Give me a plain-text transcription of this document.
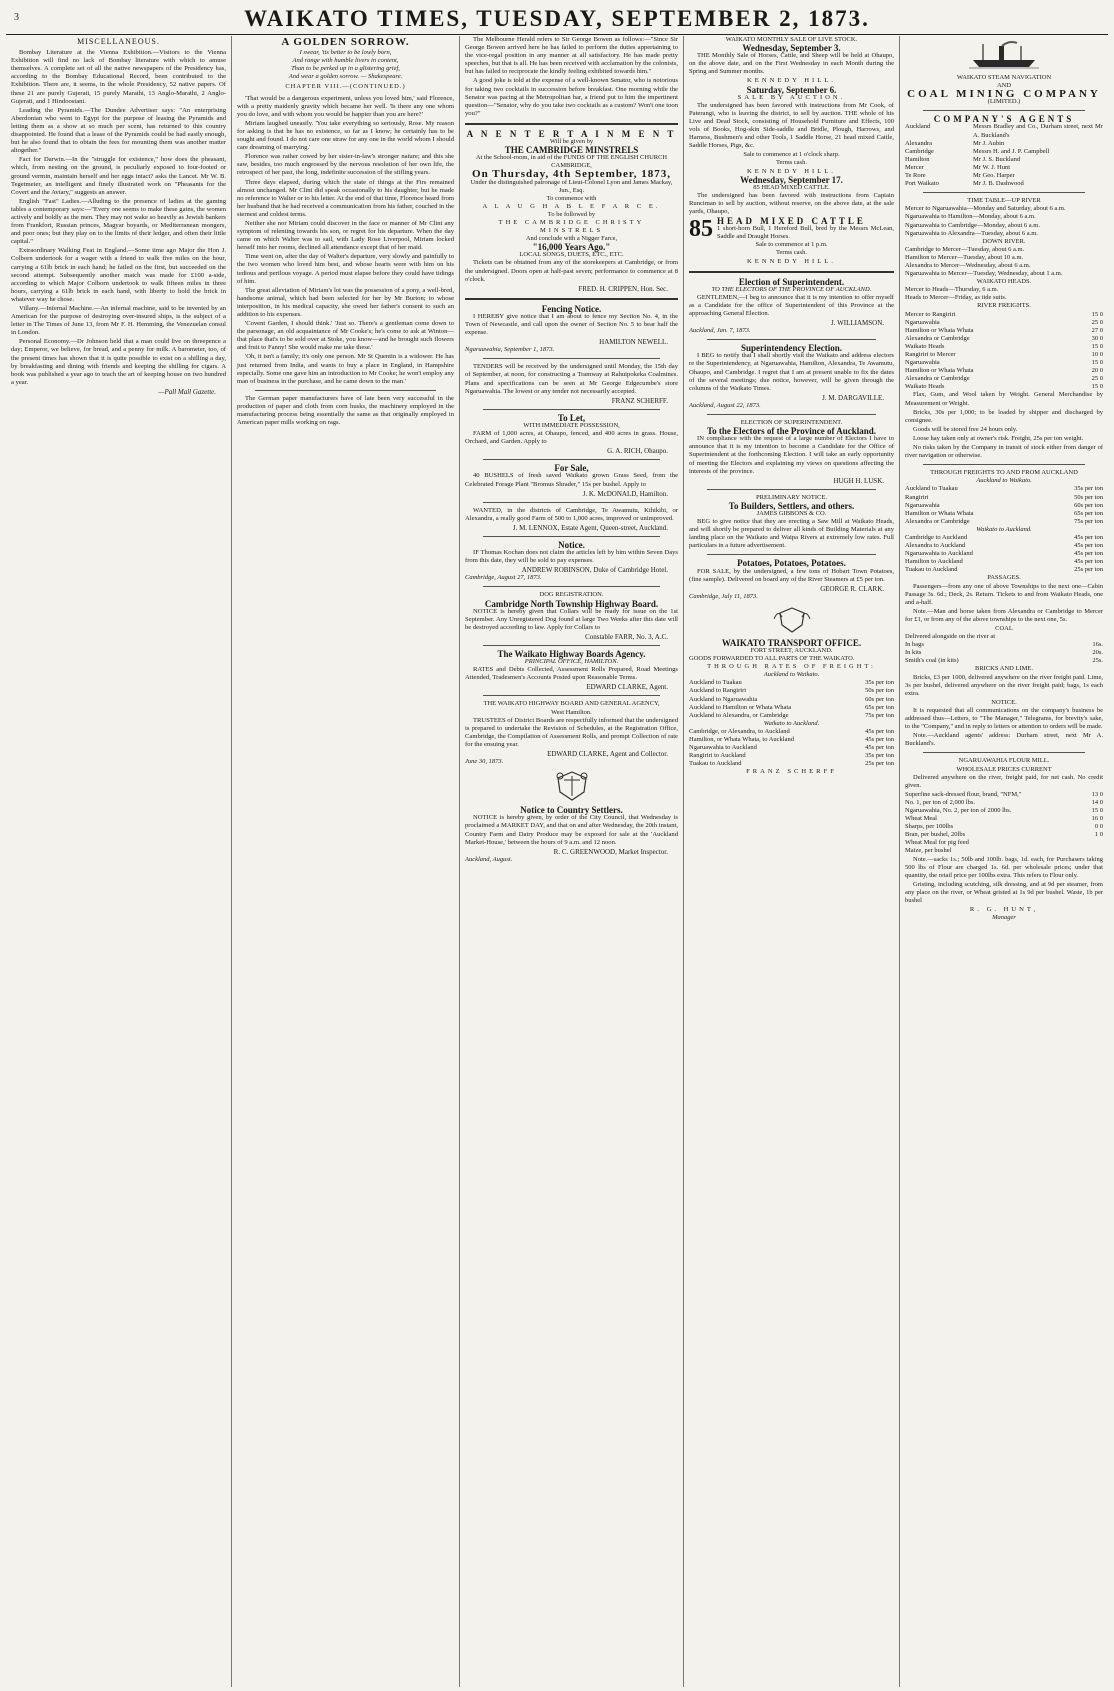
3	WAIKATO TIMES, TUESDAY, SEPTEMBER 2, 1873.
MISCELLANEOUS.

Bombay Literature at the Vienna Exhibition.—Visitors to the Vienna Exhibition will find no lack of Bombay literature with which to amuse themselves. A complete set of all the native newspapers of the Presidency has, according to the Bombay Educational Record, been contributed to the Exhibition. There are, it seems, in the whole Presidency, 52 native papers. Of these 21 are purely Gujerati, 15 purely Marathi, 13 Anglo-Marathi, 2 Anglo-Gujerati, and 1 Hindoostani.

Leading the Pyramids.—The Dundee Advertiser says: "An enterprising Aberdonian who went to Egypt for the purpose of leasing the Pyramids and letting them as a show at so much per scent, has returned to this country disappointed. He found that a lease of the Pyramids could be had easily enough, but he also found that to obtain the fees for mounting them was another matter altogether."

Fact for Darwin.—In the "struggle for existence," how does the pheasant, which, from nesting on the ground, is peculiarly exposed to four-footed or ground vermin, maintain herself and her eggs intact? asks the Lancet. Mr W. B. Tegetmeier, an intelligent and finely illustrated work on "Pheasants for the Covert and the Aviary," suggests an answer.

English "Fast" Ladies.—Alluding to the presence of ladies at the gaming tables a contemporary says:—"Every one seems to make these gains, the women actively and boldly as the men. They may not wake so heavily as Jewish bankers from Frankfort, Russian princes, Magyar boyards, or Mediterranean mongers, and poor ones; but they play on to the limits of their ledger, and often their little capital."

Extraordinary Walking Feat in England.—Some time ago Major the Hon J. Colborn undertook for a wager with a friend to walk five miles on the hour, carrying a 61lb brick in each hand; he failed on the first, but succeeded on the second attempt. Subsequently another match was made for £100 a-side, according to which Major Colborn undertook to walk fifteen miles in three hours, carrying a 61lb brick in each hand, with liberty to hold the brick in whatever way he chose.

Villany.—Infernal Machine.—An infernal machine, said to be invented by an American for the purpose of destroying over-insured ships, is the subject of a letter in The Times of June 13, from Mr F. H. Hemming, the Venezuelan consul in London.

Personal Economy.—Dr Johnson held that a man could live on threepence a day; Emperor, we believe, for bread, and a penny for milk. A barometer, too, of the present times has shown that it is quite possible to exist on a shilling a day, by breakfasting and dining with friends and keeping the shilling for cigars. A book was published a year ago to teach the art of keeping house on two hundred a year.

—Pall Mall Gazette.
A GOLDEN SORROW.
I swear, 'tis better to be lowly born,
And range with humble livers in content,
Than to be perked up in a glistering grief,
And wear a golden sorrow. — Shakespeare.
CHAPTER VIII.—(CONTINUED.)

'That would be a dangerous experiment, unless you loved him,' said Florence, with a pretty maidenly gravity which became her well. 'Is there any one whom you do love, and with whom you would be happier than you are here?'

Miriam laughed uneasily. 'You take everything so seriously, Rose. My reason for asking is that he has no existence, so far as I know; he certainly has to be sought and found. I do not care one straw for any one in the world whom I should care dreaming of marrying.'

Florence was rather cowed by her sister-in-law's stronger nature; and this she saw, besides, too much engrossed by the nervous resolution of her own life, the retrospect of her past, the long, indefinite succession of the stifling years.

Three days elapsed, during which the state of things at the Firs remained almost unchanged. Mr Clint did speak occasionally to his daughter, but he made no reference to Walter or to his letter. At the end of that time, Florence heard from her husband that he had received a communication from his father, couched in the sternest and coldest terms.

Neither she nor Miriam could discover in the face or manner of Mr Clint any symptom of relenting towards his son, or regret for his departure. When the day came on which Walter was to sail, with Lady Rose Liverpool, Miriam locked herself into her rooms, declined all attendance except that of her maid.

Time went on, after the day of Walter's departure, very slowly and painfully to the two women who loved him best, and whose hearts were with him on his tedious and perilous voyage. A period must elapse before they could have tidings of him.

The great alleviation of Miriam's lot was the possession of a pony, a well-bred, handsome animal, which had been selected for her by Mr Burton; to whose interposition, in his medical capacity, she owed her father's consent to such an addition to his expenses.

'Covent Garden, I should think.' 'Just so. There's a gentleman come down to the parsonage, an old acquaintance of Mr Cooke's; he's come to ask at Winton—that place that's to be sold over at Stoke, you know—and he brought such flowers and fruit to Fanny! She would make me take these.'

'Oh, it isn't a family; it's only one person. Mr St Quentin is a widower. He has just returned from India, and wants to buy a place in England, in Hampshire especially. Some one gave him an introduction to Mr Cooke; he won't employ any man of business in the purchase, and he came down to the man.'

The German paper manufacturers have of late been very successful in the production of paper and cloth from corn husks, the machinery employed in the manufacturing process being essentially the same as that originally employed in American paper mills working on rags.

The Melbourne Herald refers to Sir George Bowen as follows:—"Since Sir George Bowen arrived here he has failed to perform the duties appertaining to the vice-regal position in any manner at all satisfactory. He has made pretty speeches, but that is all. He has been received with acclamation by the colonists, but has failed to reciprocate the kindly feeling exhibited towards him."

A good joke is told at the expense of a well-known Senator, who is notorious for taking two cocktails in succession before breakfast. One morning while the Senator was pacing at the Metropolitan bar, a friend put to him the impertinent question—"Senator, why do you take two cocktails as a custom? Won't one toon you?"

A N E N T E R T A I N M E N T
Will be given by
THE CAMBRIDGE MINSTRELS
At the School-room, in aid of the FUNDS OF THE ENGLISH CHURCH CAMBRIDGE,
On Thursday, 4th September, 1873,
Under the distinguished patronage of Lieut-Colonel Lyon and James Mackay, Jun., Esq.
To commence with
A L A U G H A B L E F A R C E.
To be followed by
THE CAMBRIDGE CHRISTY MINSTRELS
And conclude with a Nigger Farce,
"16,000 Years Ago."
LOCAL SONGS, DUETS, ETC., ETC.

Tickets can be obtained from any of the storekeepers at Cambridge, or from the undersigned. Doors open at half-past seven; performance to commence at 8 o'clock.

FRED. H. CRIPPEN, Hon. Sec.
Fencing Notice.

I HEREBY give notice that I am about to fence my Section No. 4, in the Town of Newcastle, and call upon the owner of Section No. 5 to bear half the expense.

HAMILTON NEWELL.
Ngaruawahia, September 1, 1873.

TENDERS will be received by the undersigned until Monday, the 15th day of September, at noon, for constructing a Tramway at Rahuipokeka Coalmines. Plans and specifications can be seen at Mr George Edgecumbe's store Ngaruawahia. The lowest or any tender not necessarily accepted.

FRANZ SCHERFF.
To Let,
WITH IMMEDIATE POSSESSION,

FARM of 1,000 acres, at Ohaupo, fenced, and 400 acres in grass. House, Orchard, and Garden. Apply to

G. A. RICH, Ohaupo.
For Sale,

40 BUSHELS of fresh saved Waikato grown Grass Seed, from the Celebrated Forage Plant "Bromus Shrader," 15s per bushel. Apply to

J. K. McDONALD, Hamilton.

WANTED, in the districts of Cambridge, Te Awamutu, Kihikihi, or Alexandra, a really good Farm of 500 to 1,000 acres, improved or unimproved.

J. M. LENNOX, Estate Agent, Queen-street, Auckland.
Notice.

IF Thomas Kochan does not claim the articles left by him within Seven Days from this date, they will be sold to pay expenses.

ANDREW ROBINSON, Duke of Cambridge Hotel.
Cambridge, August 27, 1873.
DOG REGISTRATION.
Cambridge North Township Highway Board.

NOTICE is hereby given that Collars will be ready for issue on the 1st September. Any Unregistered Dog found at large Two Weeks after this date will be destroyed according to law. Apply for Collars to

Constable FARR, No. 3, A.C.
The Waikato Highway Boards Agency.
PRINCIPAL OFFICE, HAMILTON.

RATES and Debts Collected, Assessment Rolls Prepared, Road Meetings Attended, Tradesmen's Accounts Posted upon Reasonable Terms.

EDWARD CLARKE, Agent.
THE WAIKATO HIGHWAY BOARD AND GENERAL AGENCY,
West Hamilton.

TRUSTEES of District Boards are respectfully informed that the undersigned is prepared to undertake the Revision of Schedules, at the Registration Office, Cambridge, the Compilation of Assessment Rolls, and prompt Collection of rate for the ensuing year.

EDWARD CLARKE, Agent and Collector.
June 30, 1873.
Notice to Country Settlers.

NOTICE is hereby given, by order of the City Council, that Wednesday is proclaimed a MARKET DAY, and that on and after Wednesday, the 20th instant, Country Farm and Dairy Produce may be exposed for sale at the 'Auckland Market-House,' between the hours of 9 a.m. and 12 noon.

R. C. GREENWOOD, Market Inspector.
Auckland, August.
WAIKATO MONTHLY SALE OF LIVE STOCK.
Wednesday, September 3.

THE Monthly Sale of Horses, Cattle, and Sheep will be held at Ohaupo, on the above date, and on the First Wednesday in each Month during the Spring and Summer months.

KENNEDY HILL.
Saturday, September 6.
SALE BY AUCTION.

The undersigned has been favored with instructions from Mr Cook, of Paterangi, who is leaving the district, to sell by auction. THE whole of his Live and Dead Stock, consisting of Household Furniture and Effects, 100 vols of Books, Hog-skin Side-saddle and Bridle, Plough, Harrows, and Harness, Bushmen's and other Tools, 1 Saddle Horse, 21 head mixed Cattle, Saddle Horses, Pigs, &c.

Sale to commence at 1 o'clock sharp.
Terms cash.
KENNEDY HILL.
Wednesday, September 17.
85 HEAD MIXED CATTLE.

The undersigned has been favored with instructions from Captain Runciman to sell by auction, without reserve, on the above date, at the sale yards, Ohaupo,

85 HEAD MIXED CATTLE
1 short-horn Bull, 1 Hereford Bull, bred by the Messrs McLean, Saddle and Draught Horses.
Sale to commence at 1 p.m.
Terms cash.
KENNEDY HILL.
Election of Superintendent.
TO THE ELECTORS OF THE PROVINCE OF AUCKLAND.

GENTLEMEN,—I beg to announce that it is my intention to offer myself as a Candidate for the office of Superintendent of this Province at the approaching General Election.

J. WILLIAMSON.
Auckland, Jan. 7, 1873.
Superintendency Election.

I BEG to notify that I shall shortly visit the Waikato and address electors re the Superintendency, at Ngaruawahia, Hamilton, Alexandra, Te Awamutu, Ohaupo, and Cambridge. I regret that I am at present unable to fix the dates of the several meetings; due notice, however, will be given through the columns of the Waikato Times.

J. M. DARGAVILLE.
Auckland, August 22, 1873.
ELECTION OF SUPERINTENDENT.
To the Electors of the Province of Auckland.

IN compliance with the request of a large number of Electors I have to announce that it is my intention to become a Candidate for the Office of Superintendent at the forthcoming Election. I will take an early opportunity of meeting the Electors and explaining my views on questions affecting the interests of the province.

HUGH H. LUSK.
PRELIMINARY NOTICE.
To Builders, Settlers, and others.
JAMES GIBBONS & CO.

BEG to give notice that they are erecting a Saw Mill at Waikato Heads, and will shortly be prepared to deliver all kinds of Building Materials at any landing place on the Waikato and Waipa Rivers at extremely low rates. Full particulars in a future advertisement.

Potatoes, Potatoes, Potatoes.

FOR SALE, by the undersigned, a few tons of Hobart Town Potatoes, (fine sample). Delivered on board any of the River Steamers at £5 per ton.

GEORGE R. CLARK.
Cambridge, July 11, 1873.
WAIKATO TRANSPORT OFFICE.
FORT STREET, AUCKLAND.
GOODS FORWARDED TO ALL PARTS OF THE WAIKATO.
THROUGH RATES OF FREIGHT:
Auckland to Waikato.
Auckland to Tuakau	35s per ton
Auckland to Rangiriri	50s per ton
Auckland to Ngaruawahia	60s per ton
Auckland to Hamilton or Whata Whata	65s per ton
Auckland to Alexandra, or Cambridge	75s per ton
Waikato to Auckland.
Cambridge, or Alexandra, to Auckland	45s per ton
Hamilton, or Whata Whata, to Auckland	45s per ton
Ngaruawahia to Auckland	45s per ton
Rangiriri to Auckland	35s per ton
Tuakau to Auckland	25s per ton
FRANZ SCHERFF
WAIKATO STEAM NAVIGATION
AND
COAL MINING COMPANY
(LIMITED.)
COMPANY'S AGENTS
Auckland	Messrs Bradley and Co., Durham street, next Mr A. Buckland's
Alexandra	Mr J. Aubin
Cambridge	Messrs H. and J. P. Campbell
Hamilton	Mr J. S. Buckland
Mercer	Mr W. J. Hunt
Te Rore	Mr Geo. Harper
Port Waikato	Mr J. B. Dashwood
TIME TABLE—UP RIVER
Mercer to Ngaruawahia—Monday and Saturday, about 6 a.m.
Ngaruawahia to Hamilton—Monday, about 6 a.m.
Ngaruawahia to Cambridge—Monday, about 6 a.m.
Ngaruawahia to Alexandra—Tuesday, about 6 a.m.
DOWN RIVER.
Cambridge to Mercer—Tuesday, about 6 a.m.
Hamilton to Mercer—Tuesday, about 10 a.m.
Alexandra to Mercer—Wednesday, about 6 a.m.
Ngaruawahia to Mercer—Tuesday, Wednesday, about 1 a.m.
WAIKATO HEADS.
Mercer to Heads—Thursday, 6 a.m.
Heads to Mercer—Friday, as tide suits.
RIVER FREIGHTS.
Mercer to Rangiriri	15 0
Ngaruawahia	25 0
Hamilton or Whata Whata	27 0
Alexandra or Cambridge	30 0
Waikato Heads	15 0
Rangiriri to Mercer	10 0
Ngaruawahia	15 0
Hamilton or Whata Whata	20 0
Alexandra or Cambridge	25 0
Waikato Heads	15 0

Flax, Gum, and Wool taken by Weight. General Merchandise by Measurement or Weight.

Bricks, 30s per 1,000; to be loaded by shipper and discharged by consignee.

Goods will be stored free 24 hours only.

Loose hay taken only at owner's risk. Freight, 25s per ton weight.

No risks taken by the Company in transit of stock either from danger of river navigation or otherwise.

THROUGH FREIGHTS TO AND FROM AUCKLAND
Auckland to Waikato.
Auckland to Tuakau	35s per ton
Rangiriri	50s per ton
Ngaruawahia	60s per ton
Hamilton or Whata Whata	65s per ton
Alexandra or Cambridge	75s per ton
Waikato to Auckland.
Cambridge to Auckland	45s per ton
Alexandra to Auckland	45s per ton
Ngaruawahia to Auckland	45s per ton
Hamilton to Auckland	45s per ton
Tuakau to Auckland	25s per ton
PASSAGES.

Passengers—from any one of above Townships to the next one—Cabin Passage 3s. 6d.; Deck, 2s. Return. Tickets to and from Waikato Heads, one and a-half.

Note.—Man and horse taken from Alexandra or Cambridge to Mercer for £1, or from any of the above townships to the next one, 5s.

COAL
Delivered alongside on the river at
In bags	16s.
In kits	20s.
Smith's coal (in kits)	25s.
BRICKS AND LIME.

Bricks, £3 per 1000, delivered anywhere on the river freight paid. Lime, 3s per bushel, delivered anywhere on the river freight paid; bags, 1s each extra.

NOTICE.

It is requested that all communications on the company's business be addressed thus—Letters, to "The Manager," Telegrams, for brevity's sake, to the "Company," and in reply to letters or attention to orders will be made.

Note.—Auckland agents' address: Durham street, next Mr A. Buckland's.

NGARUAWAHIA FLOUR MILL.
WHOLESALE PRICES CURRENT

Delivered anywhere on the river, freight paid, for net cash. No credit given.

Superfine sack-dressed flour, brand, "NFM,"	13 0
No. 1, per ton of 2,000 lbs.	14 0
Ngaruawahia, No. 2, per ton of 2000 lbs.	15 0
Wheat Meal	16 0
Sharps, per 100lbs	0 0
Bran, per bushel, 20lbs	1 0
Wheat Meal for pig feed
Maize, per bushel

Note.—sacks 1s.; 50lb and 100lb. bags, 1d. each, for Purchasers taking 500 lbs of Flour are charged 1s. 6d. per wholesale prices; under that quantity, the retail price per 100lbs extra. This refers to Flour only.

Gristing, including scutching, silk dressing, and at 9d per steamer, from any place on the river, or Wheat gristed at 1s 9d per bushel. Waste, 1b per bushel

R. G. HUNT,
Manager
